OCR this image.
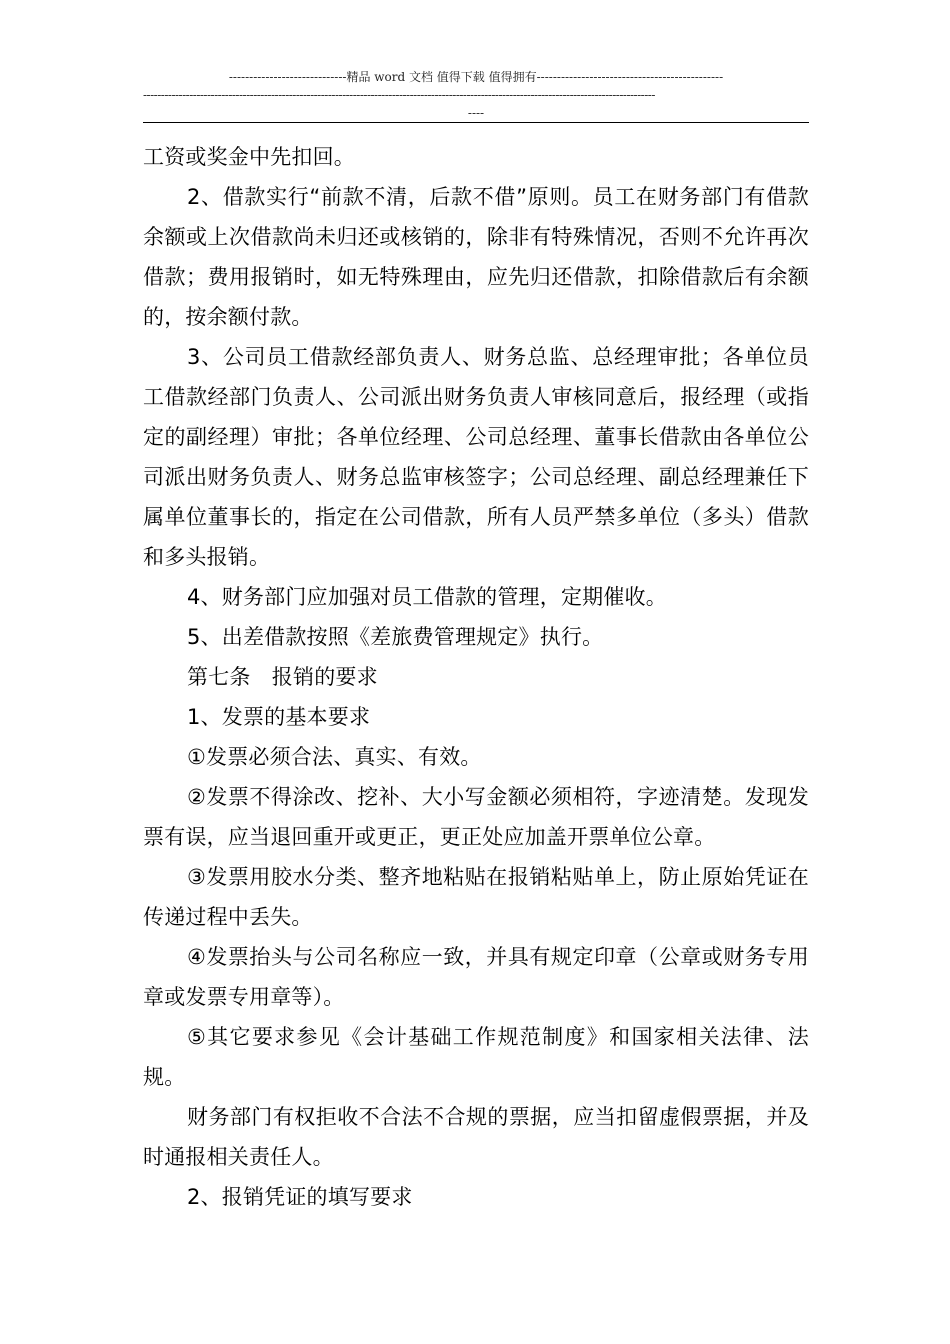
-----------------------------精品 word 文档 值得下载 值得拥有----------------------------------------------
------------------------------------------------------------------------------------------------------------------------------------------------
----

工资或奖金中先扣回。

2、借款实行“前款不清，后款不借”原则。员工在财务部门有借款余额或上次借款尚未归还或核销的，除非有特殊情况，否则不允许再次借款；费用报销时，如无特殊理由，应先归还借款，扣除借款后有余额的，按余额付款。

3、公司员工借款经部负责人、财务总监、总经理审批；各单位员工借款经部门负责人、公司派出财务负责人审核同意后，报经理（或指定的副经理）审批；各单位经理、公司总经理、董事长借款由各单位公司派出财务负责人、财务总监审核签字；公司总经理、副总经理兼任下属单位董事长的，指定在公司借款，所有人员严禁多单位（多头）借款和多头报销。

4、财务部门应加强对员工借款的管理，定期催收。

5、出差借款按照《差旅费管理规定》执行。

第七条　报销的要求

1、发票的基本要求

①发票必须合法、真实、有效。

②发票不得涂改、挖补、大小写金额必须相符，字迹清楚。发现发票有误，应当退回重开或更正，更正处应加盖开票单位公章。

③发票用胶水分类、整齐地粘贴在报销粘贴单上，防止原始凭证在传递过程中丢失。

④发票抬头与公司名称应一致，并具有规定印章（公章或财务专用章或发票专用章等）。

⑤其它要求参见《会计基础工作规范制度》和国家相关法律、法规。

财务部门有权拒收不合法不合规的票据，应当扣留虚假票据，并及时通报相关责任人。

2、报销凭证的填写要求
